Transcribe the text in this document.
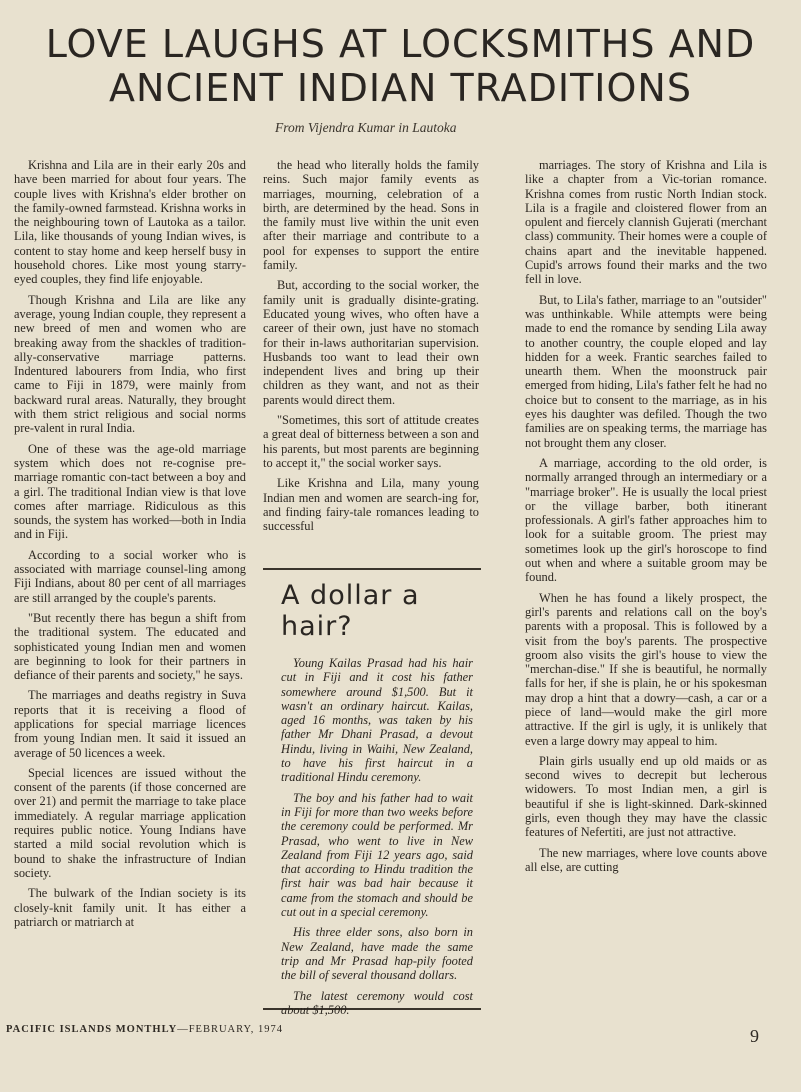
LOVE LAUGHS AT LOCKSMITHS AND
ANCIENT INDIAN TRADITIONS
From Vijendra Kumar in Lautoka

Krishna and Lila are in their early 20s and have been married for about four years. The couple lives with Krishna's elder brother on the family-owned farmstead. Krishna works in the neighbouring town of Lautoka as a tailor. Lila, like thousands of young Indian wives, is content to stay home and keep herself busy in household chores. Like most young starry-eyed couples, they find life enjoyable.

Though Krishna and Lila are like any average, young Indian couple, they represent a new breed of men and women who are breaking away from the shackles of tradition-ally-conservative marriage patterns. Indentured labourers from India, who first came to Fiji in 1879, were mainly from backward rural areas. Naturally, they brought with them strict religious and social norms pre-valent in rural India.

One of these was the age-old marriage system which does not re-cognise pre-marriage romantic con-tact between a boy and a girl. The traditional Indian view is that love comes after marriage. Ridiculous as this sounds, the system has worked—both in India and in Fiji.

According to a social worker who is associated with marriage counsel-ling among Fiji Indians, about 80 per cent of all marriages are still arranged by the couple's parents.

"But recently there has begun a shift from the traditional system. The educated and sophisticated young Indian men and women are beginning to look for their partners in defiance of their parents and society," he says.

The marriages and deaths registry in Suva reports that it is receiving a flood of applications for special marriage licences from young Indian men. It said it issued an average of 50 licences a week.

Special licences are issued without the consent of the parents (if those concerned are over 21) and permit the marriage to take place immediately. A regular marriage application requires public notice. Young Indians have started a mild social revolution which is bound to shake the infrastructure of Indian society.

The bulwark of the Indian society is its closely-knit family unit. It has either a patriarch or matriarch at

the head who literally holds the family reins. Such major family events as marriages, mourning, celebration of a birth, are determined by the head. Sons in the family must live within the unit even after their marriage and contribute to a pool for expenses to support the entire family.

But, according to the social worker, the family unit is gradually disinte-grating. Educated young wives, who often have a career of their own, just have no stomach for their in-laws authoritarian supervision. Husbands too want to lead their own independent lives and bring up their children as they want, and not as their parents would direct them.

"Sometimes, this sort of attitude creates a great deal of bitterness between a son and his parents, but most parents are beginning to accept it," the social worker says.

Like Krishna and Lila, many young Indian men and women are search-ing for, and finding fairy-tale romances leading to successful

A dollar a hair?

Young Kailas Prasad had his hair cut in Fiji and it cost his father somewhere around $1,500. But it wasn't an ordinary haircut. Kailas, aged 16 months, was taken by his father Mr Dhani Prasad, a devout Hindu, living in Waihi, New Zealand, to have his first haircut in a traditional Hindu ceremony.

The boy and his father had to wait in Fiji for more than two weeks before the ceremony could be performed. Mr Prasad, who went to live in New Zealand from Fiji 12 years ago, said that according to Hindu tradition the first hair was bad hair because it came from the stomach and should be cut out in a special ceremony.

His three elder sons, also born in New Zealand, have made the same trip and Mr Prasad hap-pily footed the bill of several thousand dollars.

The latest ceremony would cost about $1,500.

marriages. The story of Krishna and Lila is like a chapter from a Vic-torian romance. Krishna comes from rustic North Indian stock. Lila is a fragile and cloistered flower from an opulent and fiercely clannish Gujerati (merchant class) community. Their homes were a couple of chains apart and the inevitable happened. Cupid's arrows found their marks and the two fell in love.

But, to Lila's father, marriage to an "outsider" was unthinkable. While attempts were being made to end the romance by sending Lila away to another country, the couple eloped and lay hidden for a week. Frantic searches failed to unearth them. When the moonstruck pair emerged from hiding, Lila's father felt he had no choice but to consent to the marriage, as in his eyes his daughter was defiled. Though the two families are on speaking terms, the marriage has not brought them any closer.

A marriage, according to the old order, is normally arranged through an intermediary or a "marriage broker". He is usually the local priest or the village barber, both itinerant professionals. A girl's father approaches him to look for a suitable groom. The priest may sometimes look up the girl's horoscope to find out when and where a suitable groom may be found.

When he has found a likely prospect, the girl's parents and relations call on the boy's parents with a proposal. This is followed by a visit from the boy's parents. The prospective groom also visits the girl's house to view the "merchan-dise." If she is beautiful, he normally falls for her, if she is plain, he or his spokesman may drop a hint that a dowry—cash, a car or a piece of land—would make the girl more attractive. If the girl is ugly, it is unlikely that even a large dowry may appeal to him.

Plain girls usually end up old maids or as second wives to decrepit but lecherous widowers. To most Indian men, a girl is beautiful if she is light-skinned. Dark-skinned girls, even though they may have the classic features of Nefertiti, are just not attractive.

The new marriages, where love counts above all else, are cutting

PACIFIC ISLANDS MONTHLY—FEBRUARY, 1974	9
